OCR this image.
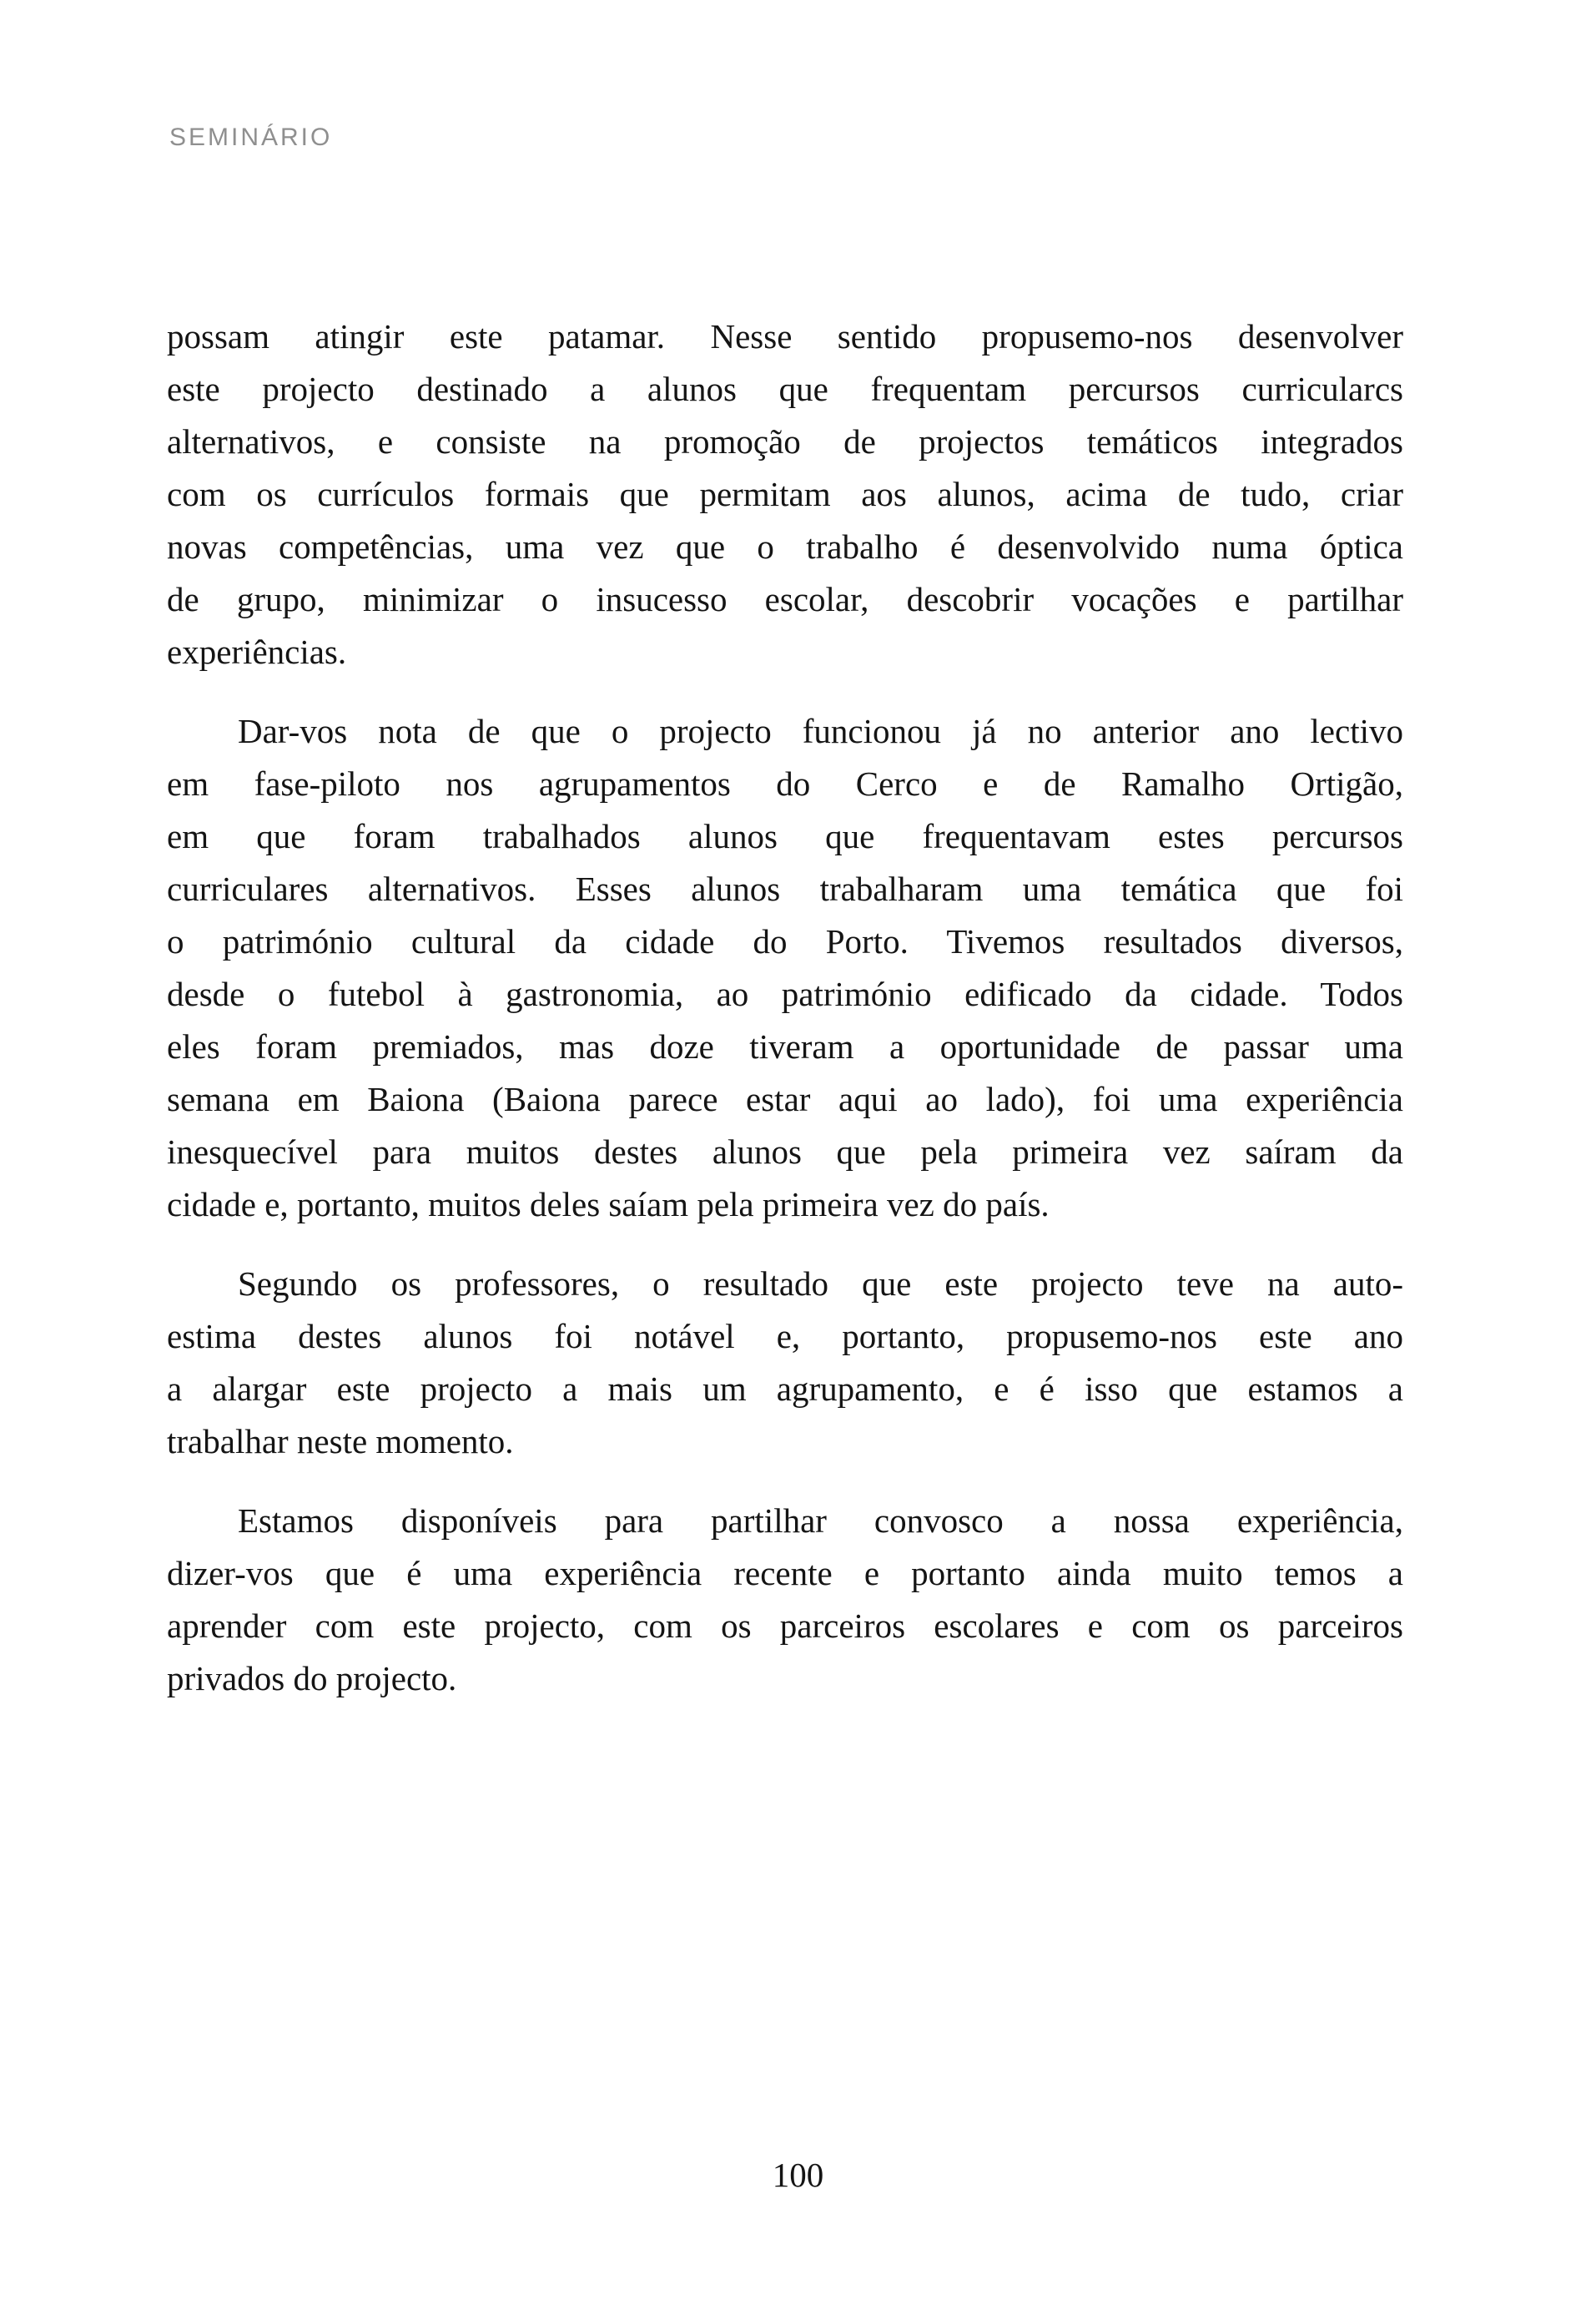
SEMINÁRIO
possam atingir este patamar. Nesse sentido propusemo-nos desenvolver
este projecto destinado a alunos que frequentam percursos curricularcs
alternativos, e consiste na promoção de projectos temáticos integrados
com os currículos formais que permitam aos alunos, acima de tudo, criar
novas competências, uma vez que o trabalho é desenvolvido numa óptica
de grupo, minimizar o insucesso escolar, descobrir vocações e partilhar
experiências.
Dar-vos nota de que o projecto funcionou já no anterior ano lectivo
em fase-piloto nos agrupamentos do Cerco e de Ramalho Ortigão,
em que foram trabalhados alunos que frequentavam estes percursos
curriculares alternativos. Esses alunos trabalharam uma temática que foi
o património cultural da cidade do Porto. Tivemos resultados diversos,
desde o futebol à gastronomia, ao património edificado da cidade. Todos
eles foram premiados, mas doze tiveram a oportunidade de passar uma
semana em Baiona (Baiona parece estar aqui ao lado), foi uma experiência
inesquecível para muitos destes alunos que pela primeira vez saíram da
cidade e, portanto, muitos deles saíam pela primeira vez do país.
Segundo os professores, o resultado que este projecto teve na auto-
estima destes alunos foi notável e, portanto, propusemo-nos este ano
a alargar este projecto a mais um agrupamento, e é isso que estamos a
trabalhar neste momento.
Estamos disponíveis para partilhar convosco a nossa experiência,
dizer-vos que é uma experiência recente e portanto ainda muito temos a
aprender com este projecto, com os parceiros escolares e com os parceiros
privados do projecto.
100
